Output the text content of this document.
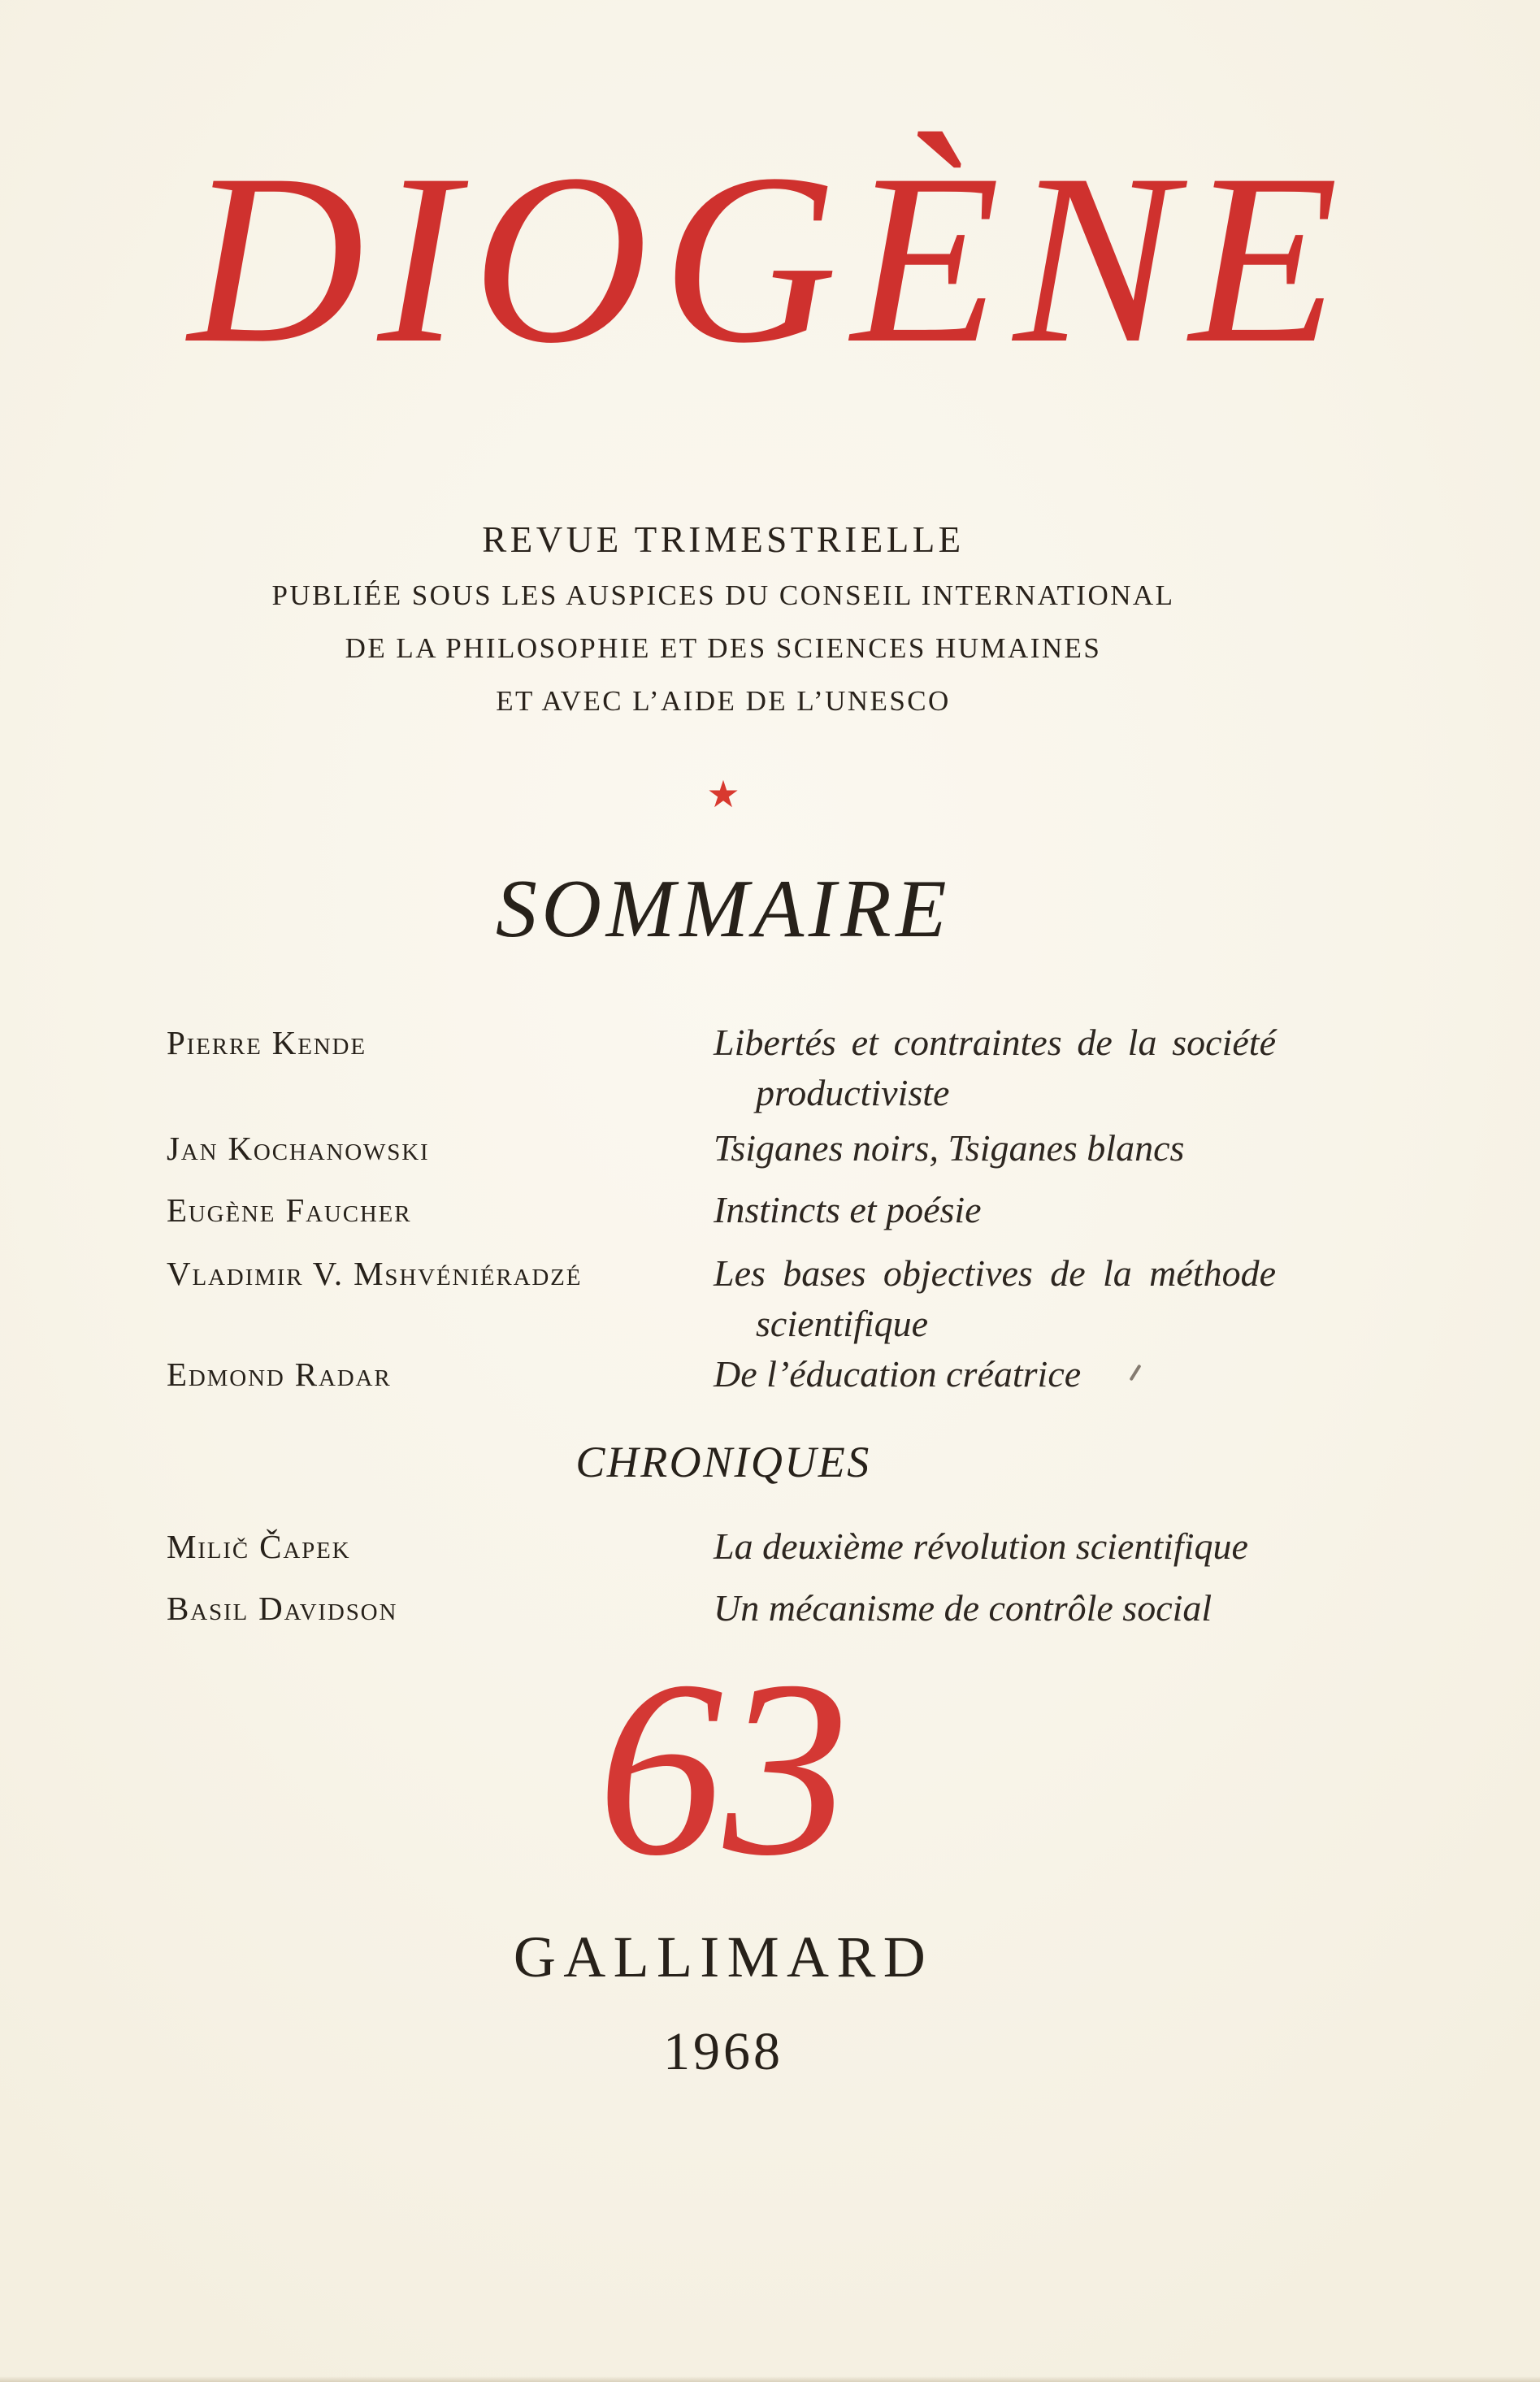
DIOGÈNE
REVUE TRIMESTRIELLE
PUBLIÉE SOUS LES AUSPICES DU CONSEIL INTERNATIONAL
DE LA PHILOSOPHIE ET DES SCIENCES HUMAINES
ET AVEC L’AIDE DE L’UNESCO
★
SOMMAIRE
Pierre Kende	Libertés et contraintes de la société
productiviste
Jan Kochanowski	Tsiganes noirs, Tsiganes blancs
Eugène Faucher	Instincts et poésie
Vladimir V. Mshvéniéradzé	Les bases objectives de la méthode
scientifique
Edmond Radar	De l’éducation créatrice
CHRONIQUES
Milič Čapek	La deuxième révolution scientifique
Basil Davidson	Un mécanisme de contrôle social
63
GALLIMARD
1968
